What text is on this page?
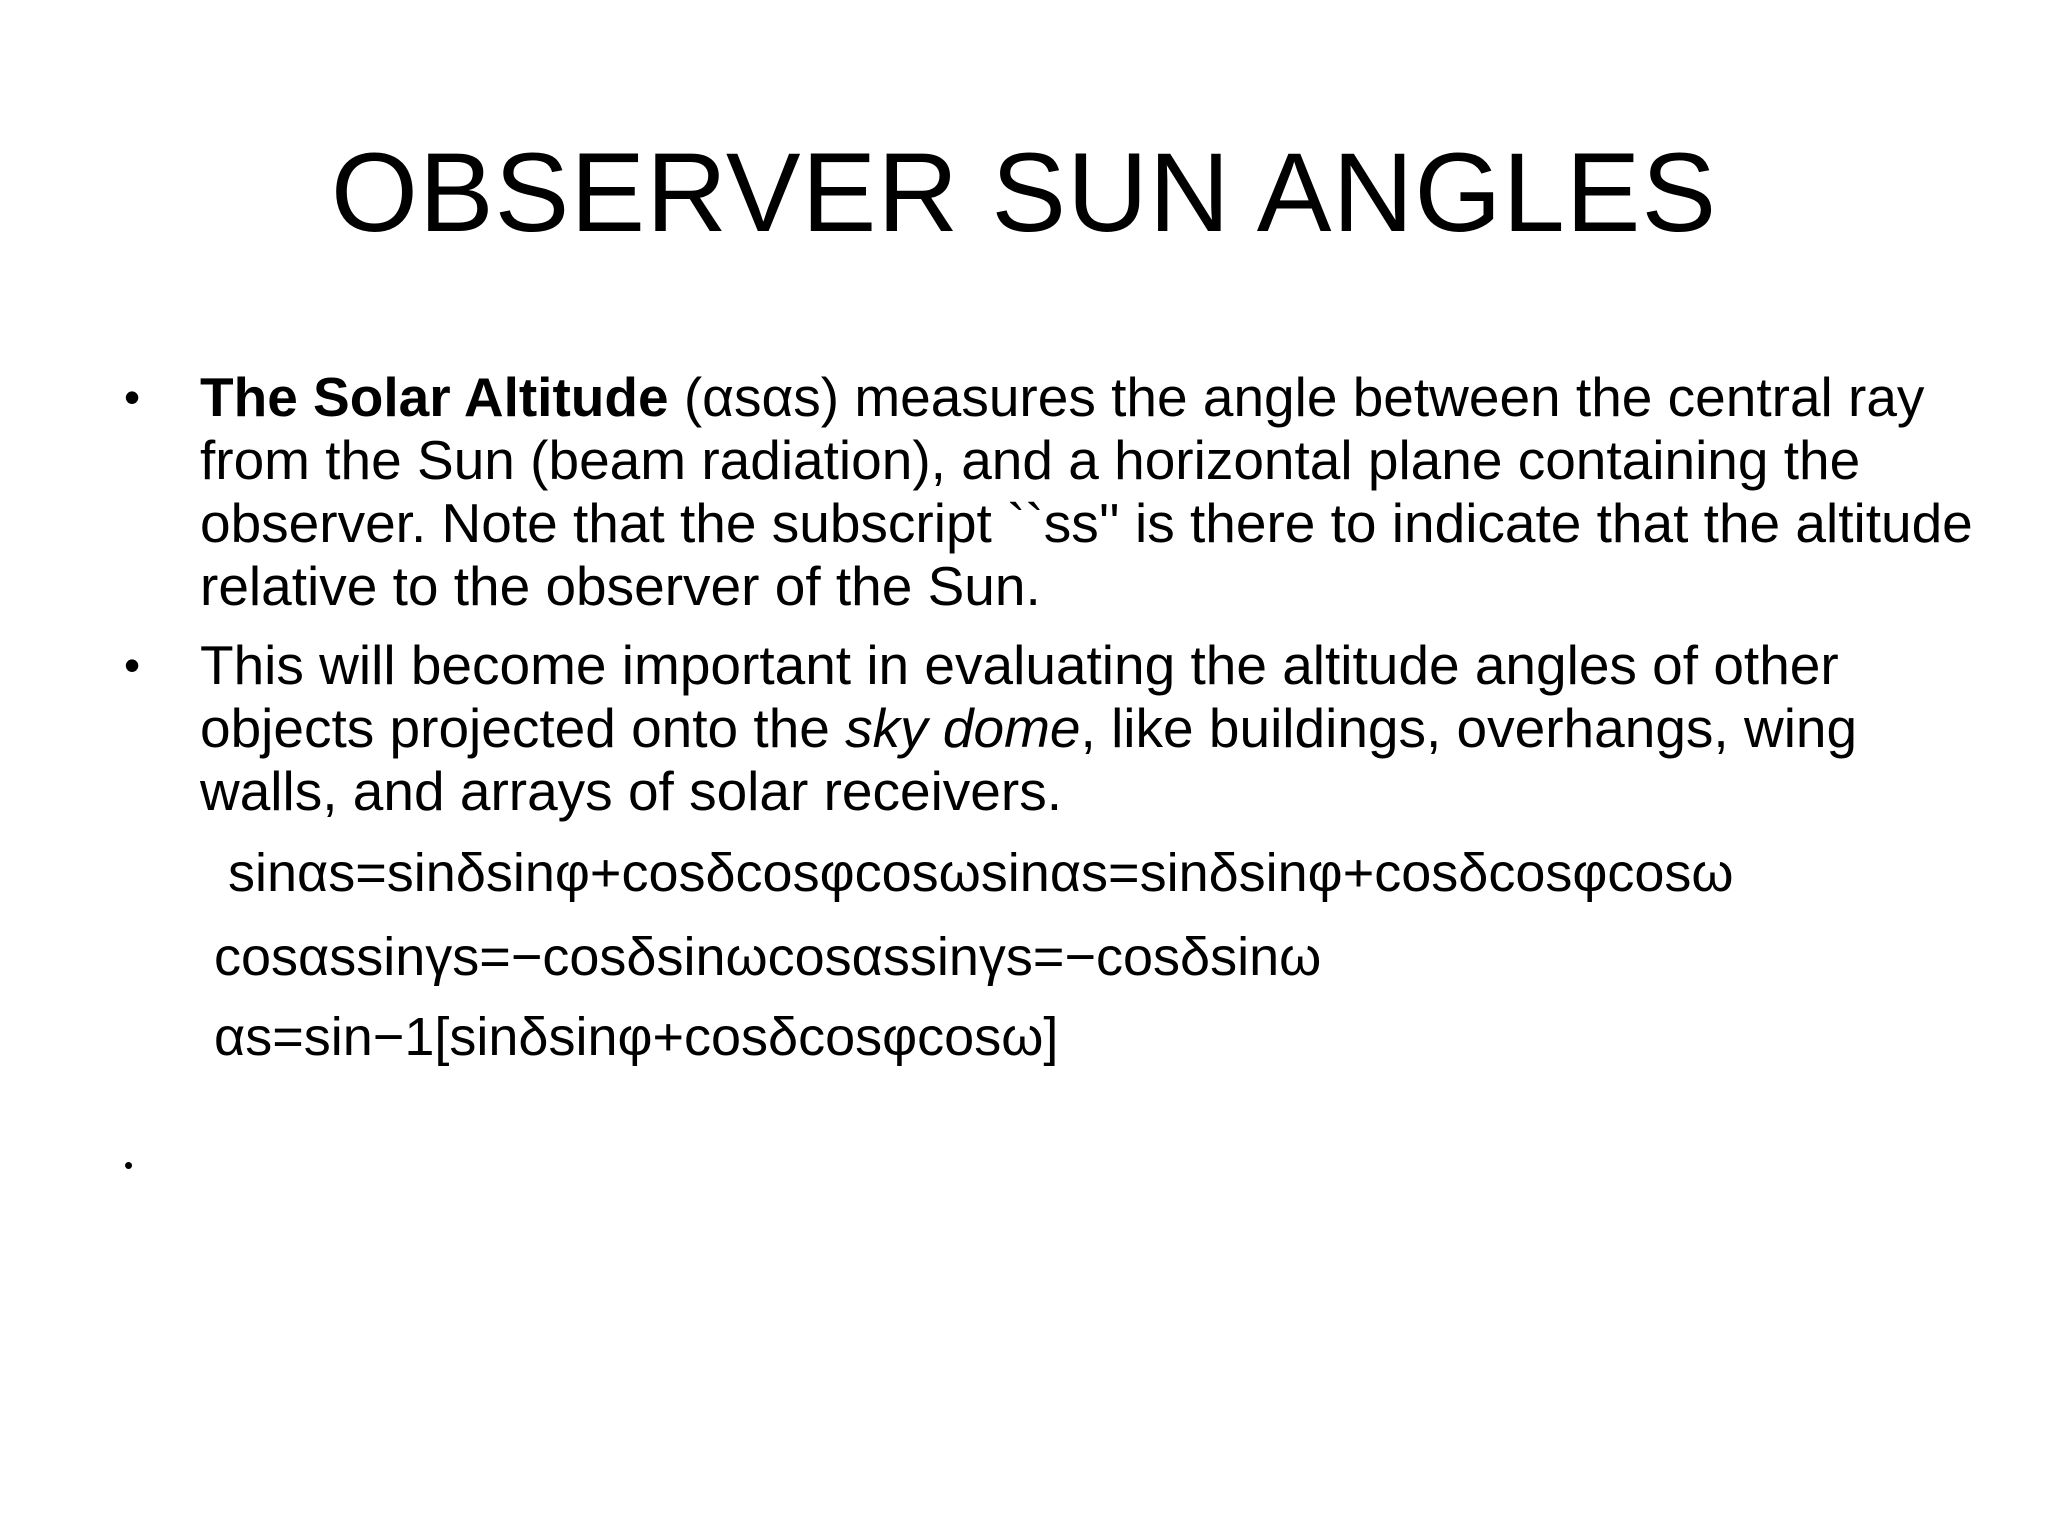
OBSERVER SUN ANGLES
• The Solar Altitude (αsαs) measures the angle between the central ray from the Sun (beam radiation), and a horizontal plane containing the observer. Note that the subscript ``ss'' is there to indicate that the altitude relative to the observer of the Sun.
• This will become important in evaluating the altitude angles of other objects projected onto the sky dome, like buildings, overhangs, wing walls, and arrays of solar receivers.
sinαs=sinδsinφ+cosδcosφcosωsinαs=sinδsinφ+cosδcosφcosω
cosαssinγs=−cosδsinωcosαssinγs=−cosδsinω
αs=sin−1[sinδsinφ+cosδcosφcosω]
•
